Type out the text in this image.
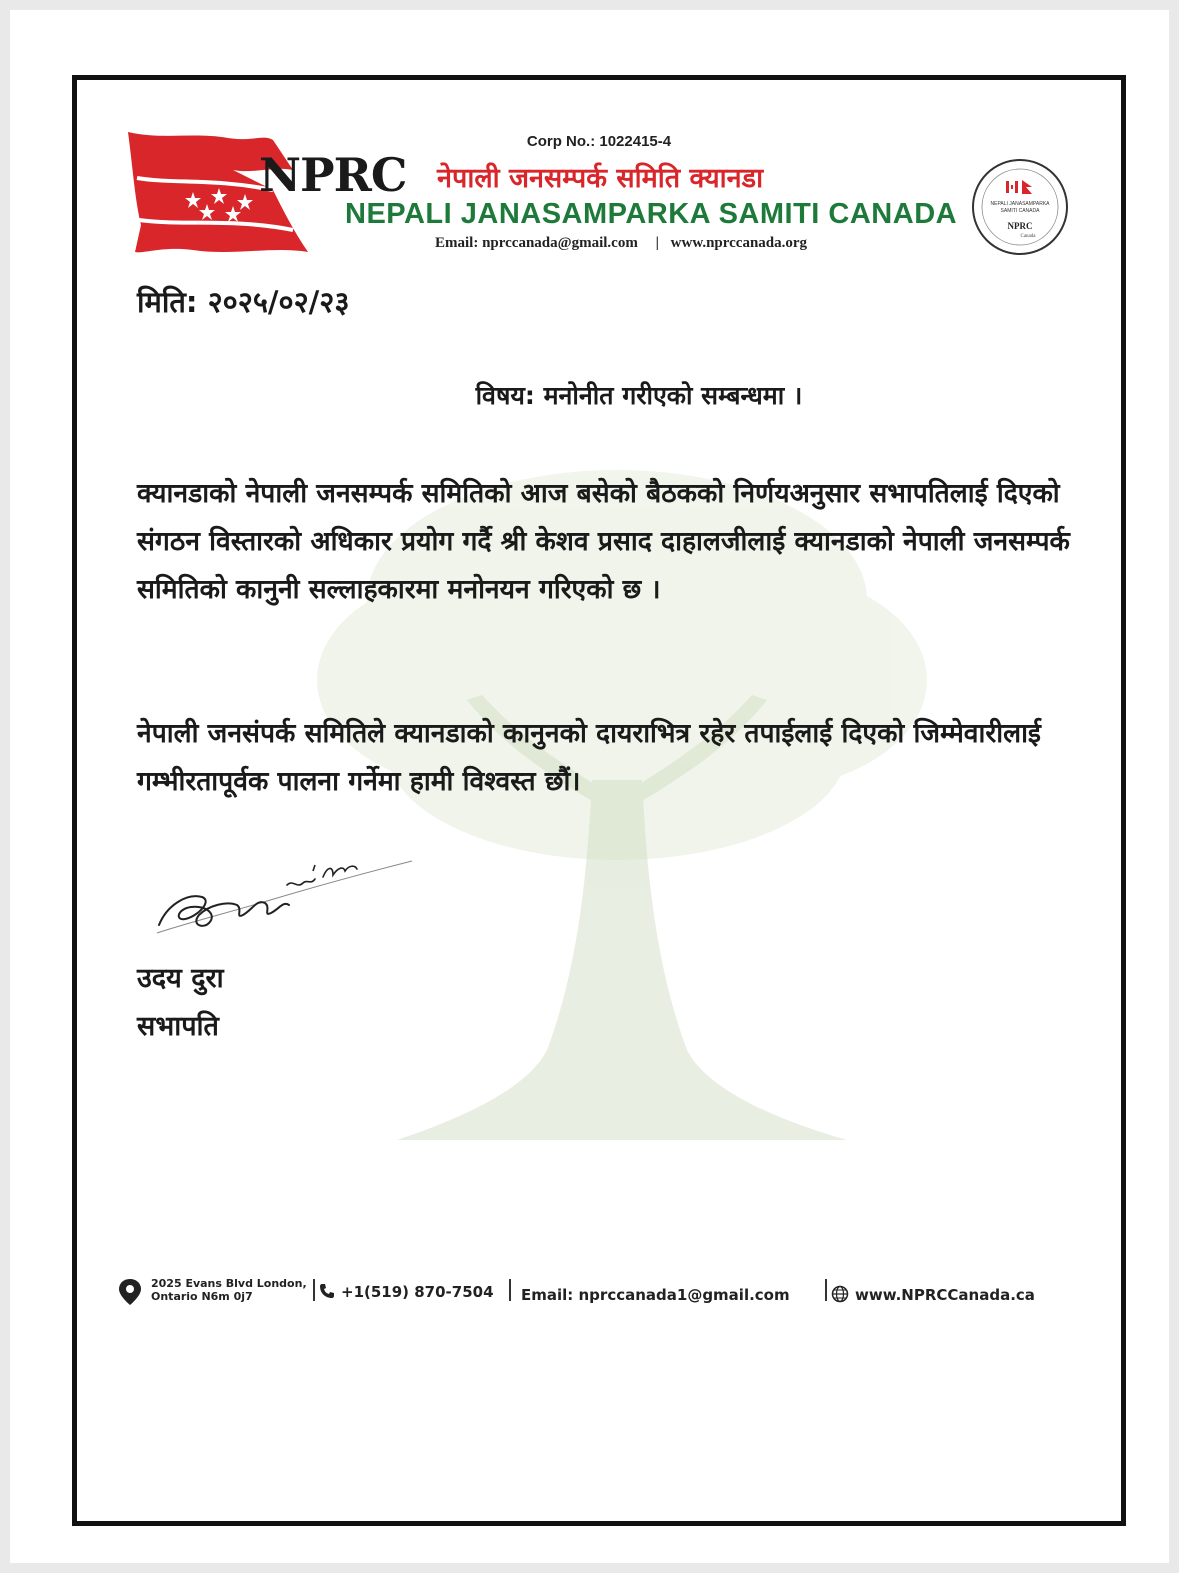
NPRC
Corp No.: 1022415-4
नेपाली जनसम्पर्क समिति क्यानडा
NEPALI JANASAMPARKA SAMITI CANADA
Email: nprccanada@gmail.com | www.nprccanada.org
NEPALI JANASAMPARKA
SAMITI CANADA
NPRC
Canada
मिति: २०२५/०२/२३
विषय: मनोनीत गरीएको सम्बन्धमा ।
क्यानडाको नेपाली जनसम्पर्क समितिको आज बसेको बैठकको निर्णयअनुसार सभापतिलाई दिएको संगठन विस्तारको अधिकार प्रयोग गर्दै श्री केशव प्रसाद दाहालजीलाई क्यानडाको नेपाली जनसम्पर्क समितिको कानुनी सल्लाहकारमा मनोनयन गरिएको छ ।
नेपाली जनसंपर्क समितिले क्यानडाको कानुनको दायराभित्र रहेर तपाईलाई दिएको जिम्मेवारीलाई गम्भीरतापूर्वक पालना गर्नेमा हामी विश्वस्त छौं।
उदय दुरा
सभापति
2025 Evans Blvd London,
Ontario N6m 0j7	+1(519) 870-7504 Email: nprccanada1@gmail.com	www.NPRCCanada.ca
